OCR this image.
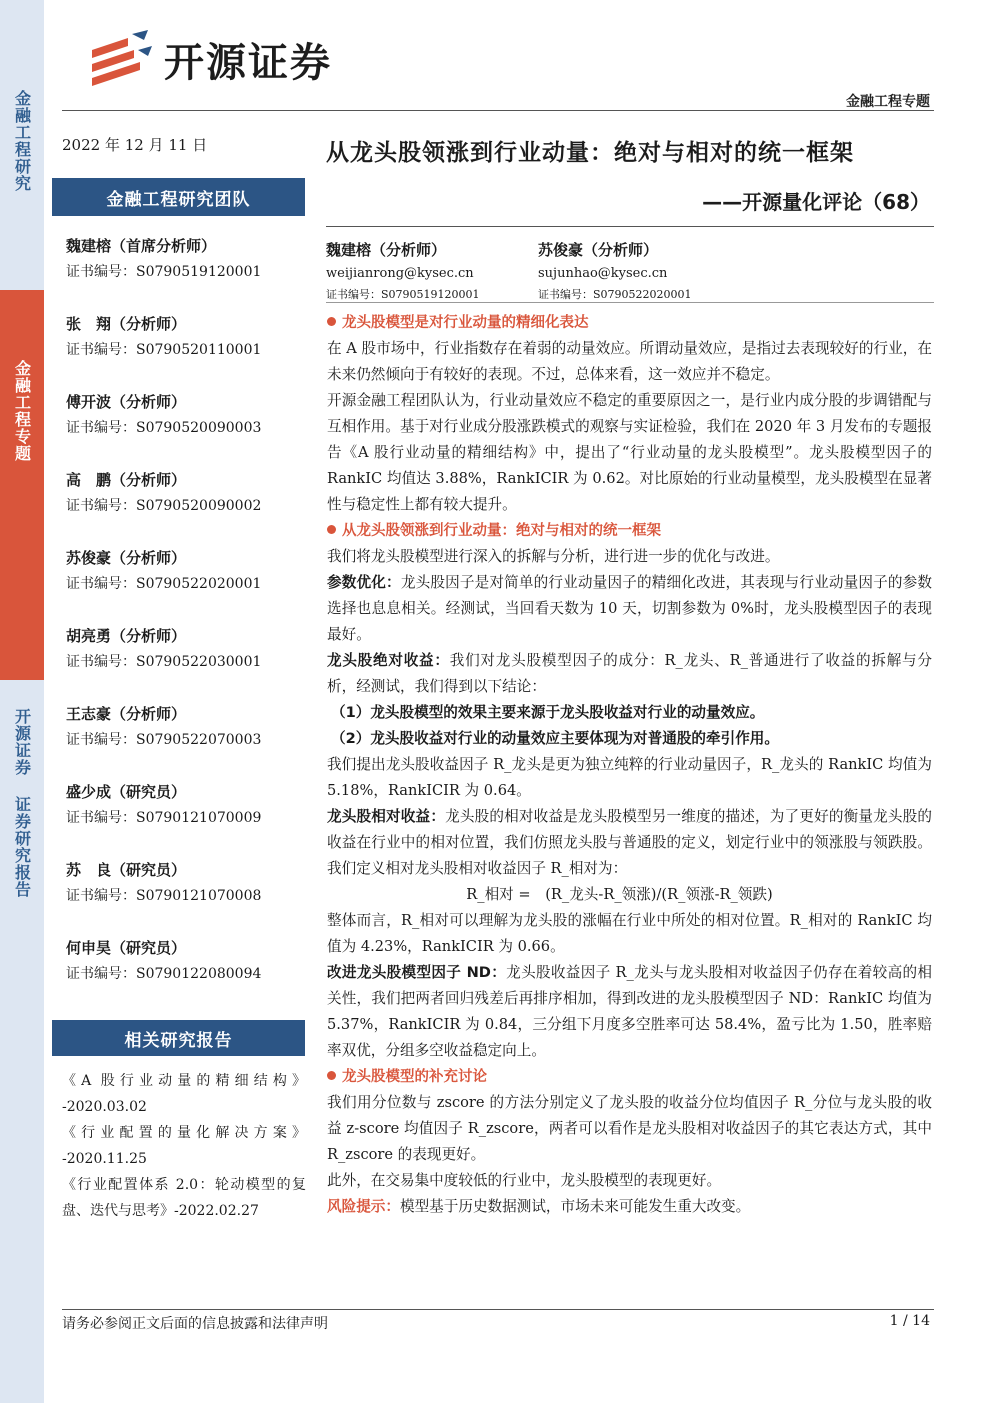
金融工程研究
金融工程专题
开源证券 证券研究报告
开源证券
金融工程专题
2022 年 12 月 11 日
金融工程研究团队
魏建榕（首席分析师）
证书编号：S0790519120001
张　翔（分析师）
证书编号：S0790520110001
傅开波（分析师）
证书编号：S0790520090003
高　鹏（分析师）
证书编号：S0790520090002
苏俊豪（分析师）
证书编号：S0790522020001
胡亮勇（分析师）
证书编号：S0790522030001
王志豪（分析师）
证书编号：S0790522070003
盛少成（研究员）
证书编号：S0790121070009
苏　良（研究员）
证书编号：S0790121070008
何申昊（研究员）
证书编号：S0790122080094
相关研究报告
《A 股行业动量的精细结构》
-2020.03.02
《行业配置的量化解决方案》
-2020.11.25
《行业配置体系 2.0：轮动模型的复
盘、迭代与思考》-2022.02.27
从龙头股领涨到行业动量：绝对与相对的统一框架
——开源量化评论（68）
魏建榕（分析师）
weijianrong@kysec.cn
证书编号：S0790519120001
苏俊豪（分析师）
sujunhao@kysec.cn
证书编号：S0790522020001
龙头股模型是对行业动量的精细化表达

在 A 股市场中，行业指数存在着弱的动量效应。所谓动量效应，是指过去表现较好的行业，在未来仍然倾向于有较好的表现。不过，总体来看，这一效应并不稳定。

开源金融工程团队认为，行业动量效应不稳定的重要原因之一，是行业内成分股的步调错配与互相作用。基于对行业成分股涨跌模式的观察与实证检验，我们在 2020 年 3 月发布的专题报告《A 股行业动量的精细结构》中，提出了“行业动量的龙头股模型”。龙头股模型因子的 RankIC 均值达 3.88%，RankICIR 为 0.62。对比原始的行业动量模型，龙头股模型在显著性与稳定性上都有较大提升。

从龙头股领涨到行业动量：绝对与相对的统一框架

我们将龙头股模型进行深入的拆解与分析，进行进一步的优化与改进。

参数优化：龙头股因子是对简单的行业动量因子的精细化改进，其表现与行业动量因子的参数选择也息息相关。经测试，当回看天数为 10 天，切割参数为 0%时，龙头股模型因子的表现最好。

龙头股绝对收益：我们对龙头股模型因子的成分：R_龙头、R_普通进行了收益的拆解与分析，经测试，我们得到以下结论：

（1）龙头股模型的效果主要来源于龙头股收益对行业的动量效应。

（2）龙头股收益对行业的动量效应主要体现为对普通股的牵引作用。

我们提出龙头股收益因子 R_龙头是更为独立纯粹的行业动量因子，R_龙头的 RankIC 均值为 5.18%，RankICIR 为 0.64。

龙头股相对收益：龙头股的相对收益是龙头股模型另一维度的描述，为了更好的衡量龙头股的收益在行业中的相对位置，我们仿照龙头股与普通股的定义，划定行业中的领涨股与领跌股。我们定义相对龙头股相对收益因子 R_相对为：

R_相对 =　(R_龙头-R_领涨)/(R_领涨-R_领跌)

整体而言，R_相对可以理解为龙头股的涨幅在行业中所处的相对位置。R_相对的 RankIC 均值为 4.23%，RankICIR 为 0.66。

改进龙头股模型因子 ND：龙头股收益因子 R_龙头与龙头股相对收益因子仍存在着较高的相关性，我们把两者回归残差后再排序相加，得到改进的龙头股模型因子 ND：RankIC 均值为 5.37%，RankICIR 为 0.84，三分组下月度多空胜率可达 58.4%，盈亏比为 1.50，胜率赔率双优，分组多空收益稳定向上。

龙头股模型的补充讨论

我们用分位数与 zscore 的方法分别定义了龙头股的收益分位均值因子 R_分位与龙头股的收益 z-score 均值因子 R_zscore，两者可以看作是龙头股相对收益因子的其它表达方式，其中 R_zscore 的表现更好。

此外，在交易集中度较低的行业中，龙头股模型的表现更好。

风险提示：模型基于历史数据测试，市场未来可能发生重大改变。

请务必参阅正文后面的信息披露和法律声明	1 / 14
